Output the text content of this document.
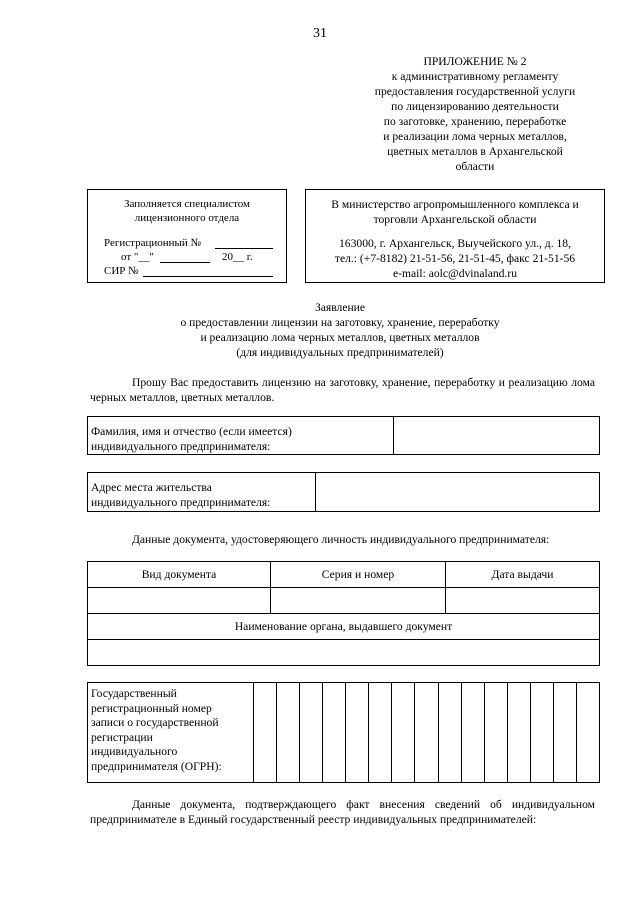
31
ПРИЛОЖЕНИЕ № 2
к административному регламенту
предоставления государственной услуги
по лицензированию деятельности
по заготовке, хранению, переработке
и реализации лома черных металлов,
цветных металлов в Архангельской
области
Заполняется специалистом
лицензионного отдела
Регистрационный №
от "__"	20__ г.
СИР №
В министерство агропромышленного комплекса и
торговли Архангельской области
163000, г. Архангельск, Выучейского ул., д. 18,
тел.: (+7-8182) 21-51-56, 21-51-45, факс 21-51-56
e-mail: aolc@dvinaland.ru
Заявление
о предоставлении лицензии на заготовку, хранение, переработку
и реализацию лома черных металлов, цветных металлов
(для индивидуальных предпринимателей)
Прошу Вас предоставить лицензию на заготовку, хранение, переработку и реализацию лома черных металлов, цветных металлов.
Фамилия, имя и отчество (если имеется)
индивидуального предпринимателя:

Адрес места жительства
индивидуального предпринимателя:

Данные документа, удостоверяющего личность индивидуального предпринимателя:
Вид документа	Серия и номер	Дата выдачи

Наименование органа, выдавшего документ		

Государственный
регистрационный номер
записи о государственной
регистрации
индивидуального
предпринимателя (ОГРН):

Данные документа, подтверждающего факт внесения сведений об индивидуальном предпринимателе в Единый государственный реестр индивидуальных предпринимателей:
